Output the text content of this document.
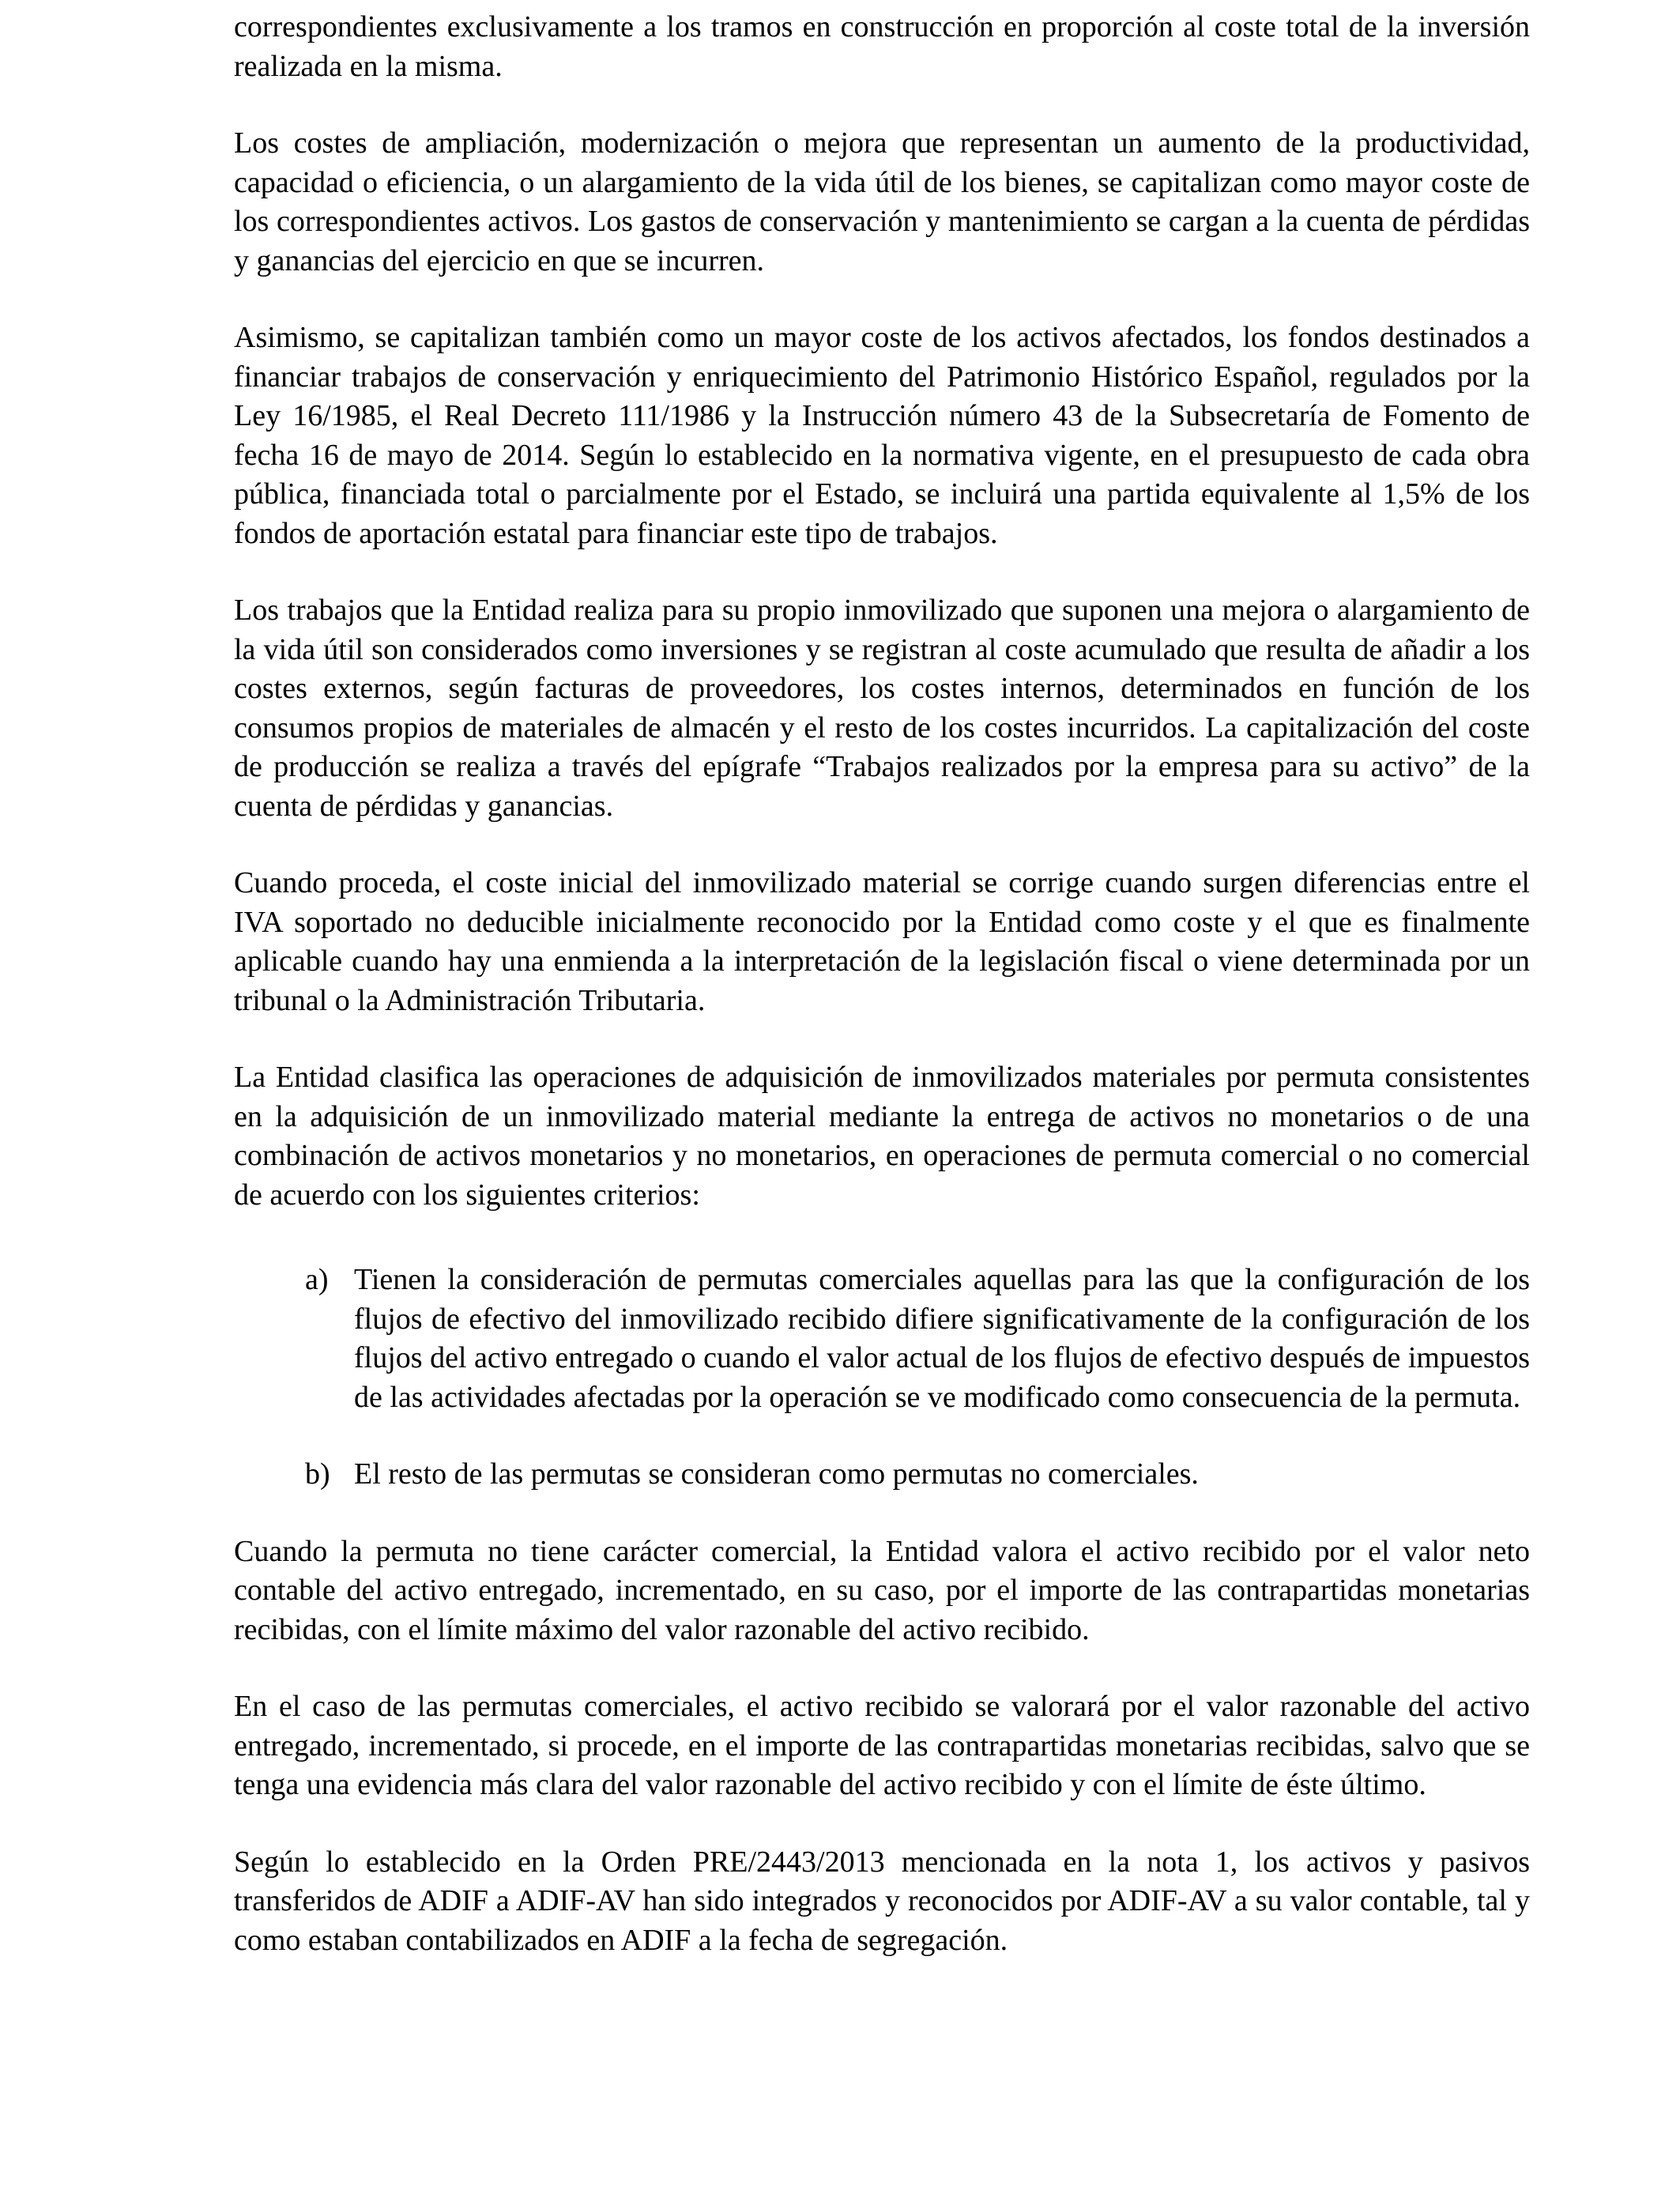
correspondientes exclusivamente a los tramos en construcción en proporción al coste total de la inversión realizada en la misma.

Los costes de ampliación, modernización o mejora que representan un aumento de la productividad, capacidad o eficiencia, o un alargamiento de la vida útil de los bienes, se capitalizan como mayor coste de los correspondientes activos. Los gastos de conservación y mantenimiento se cargan a la cuenta de pérdidas y ganancias del ejercicio en que se incurren.

Asimismo, se capitalizan también como un mayor coste de los activos afectados, los fondos destinados a financiar trabajos de conservación y enriquecimiento del Patrimonio Histórico Español, regulados por la Ley 16/1985, el Real Decreto 111/1986 y la Instrucción número 43 de la Subsecretaría de Fomento de fecha 16 de mayo de 2014. Según lo establecido en la normativa vigente, en el presupuesto de cada obra pública, financiada total o parcialmente por el Estado, se incluirá una partida equivalente al 1,5% de los fondos de aportación estatal para financiar este tipo de trabajos.

Los trabajos que la Entidad realiza para su propio inmovilizado que suponen una mejora o alargamiento de la vida útil son considerados como inversiones y se registran al coste acumulado que resulta de añadir a los costes externos, según facturas de proveedores, los costes internos, determinados en función de los consumos propios de materiales de almacén y el resto de los costes incurridos. La capitalización del coste de producción se realiza a través del epígrafe “Trabajos realizados por la empresa para su activo” de la cuenta de pérdidas y ganancias.

Cuando proceda, el coste inicial del inmovilizado material se corrige cuando surgen diferencias entre el IVA soportado no deducible inicialmente reconocido por la Entidad como coste y el que es finalmente aplicable cuando hay una enmienda a la interpretación de la legislación fiscal o viene determinada por un tribunal o la Administración Tributaria.

La Entidad clasifica las operaciones de adquisición de inmovilizados materiales por permuta consistentes en la adquisición de un inmovilizado material mediante la entrega de activos no monetarios o de una combinación de activos monetarios y no monetarios, en operaciones de permuta comercial o no comercial de acuerdo con los siguientes criterios:

a) Tienen la consideración de permutas comerciales aquellas para las que la configuración de los flujos de efectivo del inmovilizado recibido difiere significativamente de la configuración de los flujos del activo entregado o cuando el valor actual de los flujos de efectivo después de impuestos de las actividades afectadas por la operación se ve modificado como consecuencia de la permuta.
b) El resto de las permutas se consideran como permutas no comerciales.

Cuando la permuta no tiene carácter comercial, la Entidad valora el activo recibido por el valor neto contable del activo entregado, incrementado, en su caso, por el importe de las contrapartidas monetarias recibidas, con el límite máximo del valor razonable del activo recibido.

En el caso de las permutas comerciales, el activo recibido se valorará por el valor razonable del activo entregado, incrementado, si procede, en el importe de las contrapartidas monetarias recibidas, salvo que se tenga una evidencia más clara del valor razonable del activo recibido y con el límite de éste último.

Según lo establecido en la Orden PRE/2443/2013 mencionada en la nota 1, los activos y pasivos transferidos de ADIF a ADIF-AV han sido integrados y reconocidos por ADIF-AV a su valor contable, tal y como estaban contabilizados en ADIF a la fecha de segregación.
